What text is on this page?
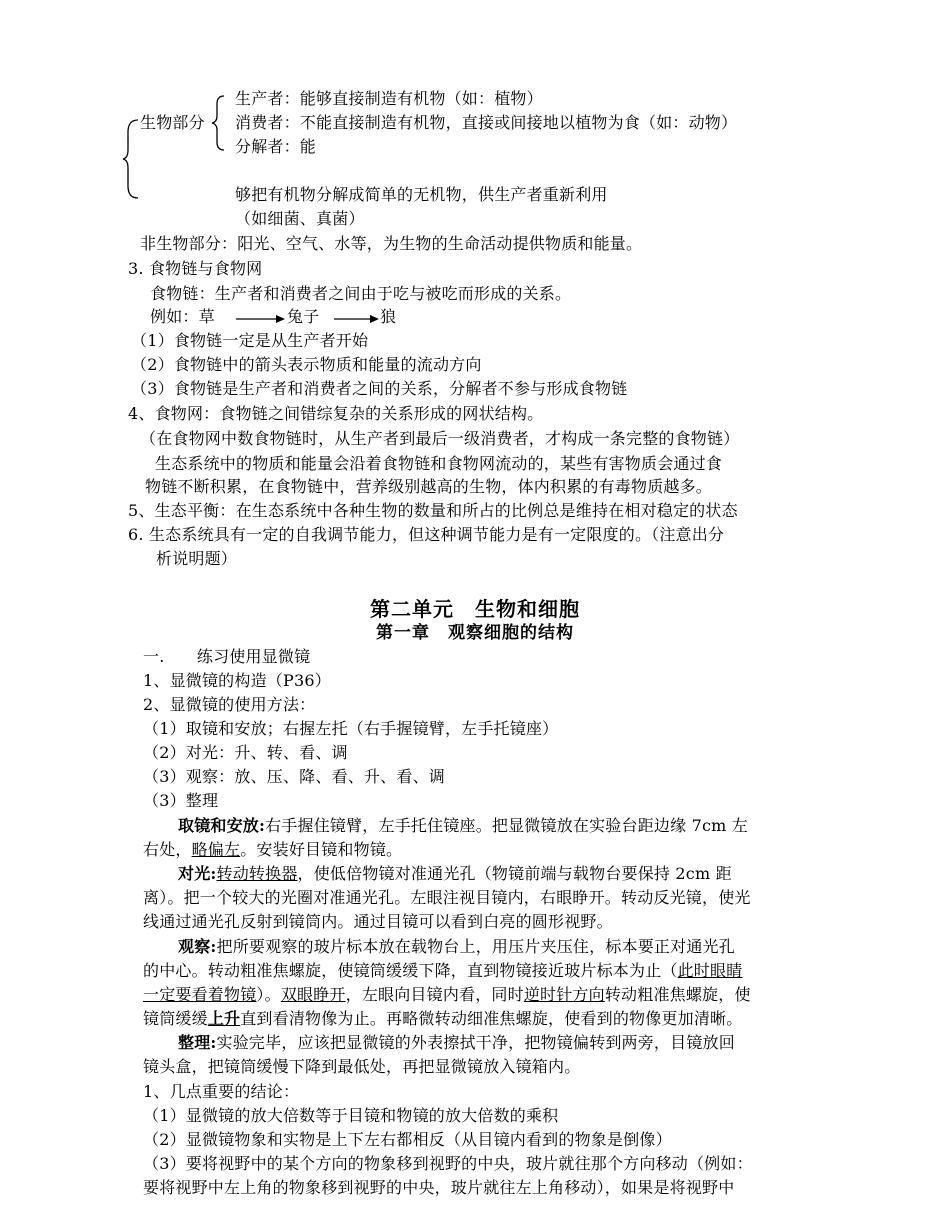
生物部分
生产者：能够直接制造有机物（如：植物）
消费者：不能直接制造有机物，直接或间接地以植物为食（如：动物）
分解者：能
够把有机物分解成简单的无机物，供生产者重新利用
（如细菌、真菌）
非生物部分：阳光、空气、水等，为生物的生命活动提供物质和能量。
3. 食物链与食物网
食物链：生产者和消费者之间由于吃与被吃而形成的关系。
例如：草	兔子	狼
（1）食物链一定是从生产者开始
（2）食物链中的箭头表示物质和能量的流动方向
（3）食物链是生产者和消费者之间的关系，分解者不参与形成食物链
4、食物网：食物链之间错综复杂的关系形成的网状结构。
（在食物网中数食物链时，从生产者到最后一级消费者，才构成一条完整的食物链）
生态系统中的物质和能量会沿着食物链和食物网流动的，某些有害物质会通过食
物链不断积累，在食物链中，营养级别越高的生物，体内积累的有毒物质越多。
5、生态平衡：在生态系统中各种生物的数量和所占的比例总是维持在相对稳定的状态
6. 生态系统具有一定的自我调节能力，但这种调节能力是有一定限度的。（注意出分
析说明题）
第二单元　生物和细胞
第一章　观察细胞的结构
一.　　练习使用显微镜
1、显微镜的构造（P36）
2、显微镜的使用方法：
（1）取镜和安放；右握左托（右手握镜臂，左手托镜座）
（2）对光：升、转、看、调
（3）观察：放、压、降、看、升、看、调
（3）整理
取镜和安放:右手握住镜臂，左手托住镜座。把显微镜放在实验台距边缘 7cm 左
右处，略偏左。安装好目镜和物镜。
对光:转动转换器，使低倍物镜对准通光孔（物镜前端与载物台要保持 2cm 距
离）。把一个较大的光圈对准通光孔。左眼注视目镜内，右眼睁开。转动反光镜，使光
线通过通光孔反射到镜筒内。通过目镜可以看到白亮的圆形视野。
观察:把所要观察的玻片标本放在载物台上，用压片夹压住，标本要正对通光孔
的中心。转动粗准焦螺旋，使镜筒缓缓下降，直到物镜接近玻片标本为止（此时眼睛
一定要看着物镜）。双眼睁开，左眼向目镜内看，同时逆时针方向转动粗准焦螺旋，使
镜筒缓缓上升直到看清物像为止。再略微转动细准焦螺旋，使看到的物像更加清晰。
整理:实验完毕，应该把显微镜的外表擦拭干净，把物镜偏转到两旁，目镜放回
镜头盒，把镜筒缓慢下降到最低处，再把显微镜放入镜箱内。
1、几点重要的结论：
（1）显微镜的放大倍数等于目镜和物镜的放大倍数的乘积
（2）显微镜物象和实物是上下左右都相反（从目镜内看到的物象是倒像）
（3）要将视野中的某个方向的物象移到视野的中央，玻片就往那个方向移动（例如：
要将视野中左上角的物象移到视野的中央，玻片就往左上角移动），如果是将视野中
